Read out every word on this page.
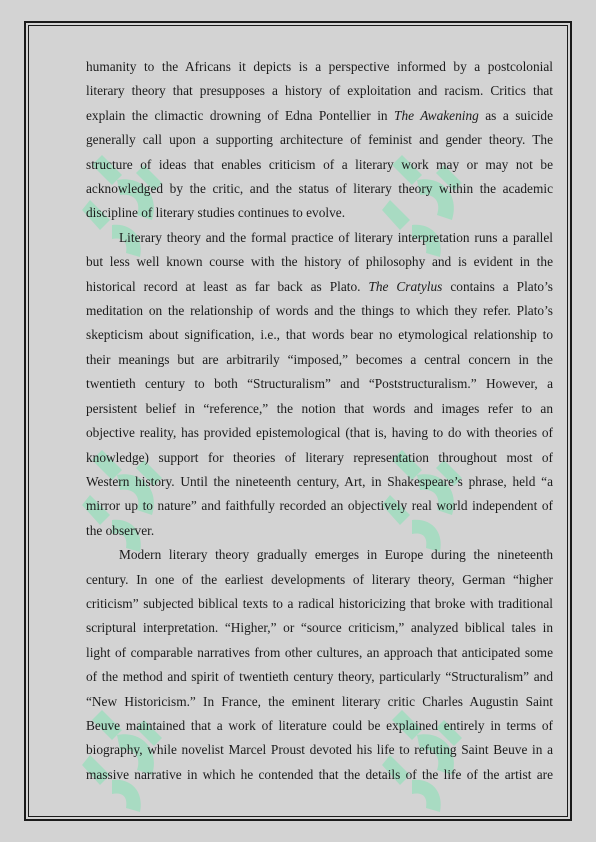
humanity to the Africans it depicts is a perspective informed by a postcolonial
literary theory that presupposes a history of exploitation and racism. Critics that
explain the climactic drowning of Edna Pontellier in The Awakening as a suicide
generally call upon a supporting architecture of feminist and gender theory. The
structure of ideas that enables criticism of a literary work may or may not be
acknowledged by the critic, and the status of literary theory within the academic
discipline of literary studies continues to evolve.

Literary theory and the formal practice of literary interpretation runs a parallel
but less well known course with the history of philosophy and is evident in the
historical record at least as far back as Plato. The Cratylus contains a Plato’s
meditation on the relationship of words and the things to which they refer. Plato’s
skepticism about signification, i.e., that words bear no etymological relationship to
their meanings but are arbitrarily “imposed,” becomes a central concern in the
twentieth century to both “Structuralism” and “Poststructuralism.” However, a
persistent belief in “reference,” the notion that words and images refer to an
objective reality, has provided epistemological (that is, having to do with theories of
knowledge) support for theories of literary representation throughout most of
Western history. Until the nineteenth century, Art, in Shakespeare’s phrase, held “a
mirror up to nature” and faithfully recorded an objectively real world independent of
the observer.

Modern literary theory gradually emerges in Europe during the nineteenth
century. In one of the earliest developments of literary theory, German “higher
criticism” subjected biblical texts to a radical historicizing that broke with traditional
scriptural interpretation. “Higher,” or “source criticism,” analyzed biblical tales in
light of comparable narratives from other cultures, an approach that anticipated some
of the method and spirit of twentieth century theory, particularly “Structuralism” and
“New Historicism.” In France, the eminent literary critic Charles Augustin Saint
Beuve maintained that a work of literature could be explained entirely in terms of
biography, while novelist Marcel Proust devoted his life to refuting Saint Beuve in a
massive narrative in which he contended that the details of the life of the artist are
